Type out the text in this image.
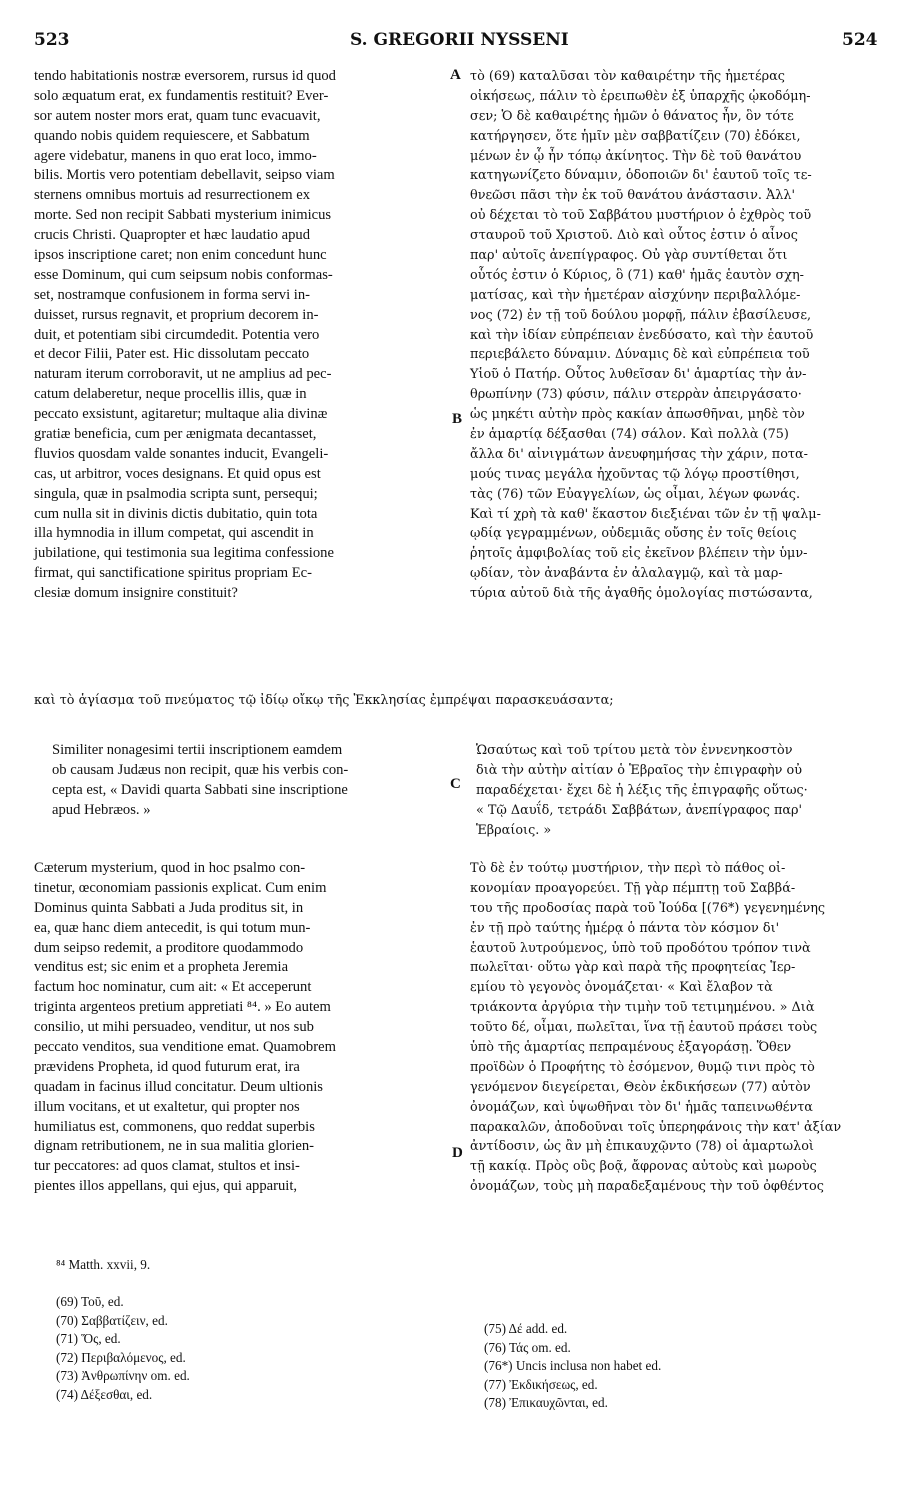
523	S. GREGORII NYSSENI	524
A
B
C
D
tendo habitationis nostræ eversorem, rursus id quod
solo æquatum erat, ex fundamentis restituit? Ever-
sor autem noster mors erat, quam tunc evacuavit,
quando nobis quidem requiescere, et Sabbatum
agere videbatur, manens in quo erat loco, immo-
bilis. Mortis vero potentiam debellavit, seipso viam
sternens omnibus mortuis ad resurrectionem ex
morte. Sed non recipit Sabbati mysterium inimicus
crucis Christi. Quapropter et hæc laudatio apud
ipsos inscriptione caret; non enim concedunt hunc
esse Dominum, qui cum seipsum nobis conformas-
set, nostramque confusionem in forma servi in-
duisset, rursus regnavit, et proprium decorem in-
duit, et potentiam sibi circumdedit. Potentia vero
et decor Filii, Pater est. Hic dissolutam peccato
naturam iterum corroboravit, ut ne amplius ad pec-
catum delaberetur, neque procellis illis, quæ in
peccato exsistunt, agitaretur; multaque alia divinæ
gratiæ beneficia, cum per ænigmata decantasset,
fluvios quosdam valde sonantes inducit, Evangeli-
cas, ut arbitror, voces designans. Et quid opus est
singula, quæ in psalmodia scripta sunt, persequi;
cum nulla sit in divinis dictis dubitatio, quin tota
illa hymnodia in illum competat, qui ascendit in
jubilatione, qui testimonia sua legitima confessione
firmat, qui sanctificatione spiritus propriam Ec-
clesiæ domum insignire constituit?
τὸ (69) καταλῦσαι τὸν καθαιρέτην τῆς ἡμετέρας
οἰκήσεως, πάλιν τὸ ἐρειπωθὲν ἐξ ὑπαρχῆς ᾠκοδόμη-
σεν; Ὁ δὲ καθαιρέτης ἡμῶν ὁ θάνατος ἦν, ὃν τότε
κατήργησεν, ὅτε ἡμῖν μὲν σαββατίζειν (70) ἐδόκει,
μένων ἐν ᾧ ἦν τόπῳ ἀκίνητος. Τὴν δὲ τοῦ θανάτου
κατηγωνίζετο δύναμιν, ὁδοποιῶν δι' ἑαυτοῦ τοῖς τε-
θνεῶσι πᾶσι τὴν ἐκ τοῦ θανάτου ἀνάστασιν. Ἀλλ'
οὐ δέχεται τὸ τοῦ Σαββάτου μυστήριον ὁ ἐχθρὸς τοῦ
σταυροῦ τοῦ Χριστοῦ. Διὸ καὶ οὗτος ἐστιν ὁ αἶνος
παρ' αὐτοῖς ἀνεπίγραφος. Οὐ γὰρ συντίθεται ὅτι
οὗτός ἐστιν ὁ Κύριος, ὃ (71) καθ' ἡμᾶς ἑαυτὸν σχη-
ματίσας, καὶ τὴν ἡμετέραν αἰσχύνην περιβαλλόμε-
νος (72) ἐν τῇ τοῦ δούλου μορφῇ, πάλιν ἐβασίλευσε,
καὶ τὴν ἰδίαν εὐπρέπειαν ἐνεδύσατο, καὶ τὴν ἑαυτοῦ
περιεβάλετο δύναμιν. Δύναμις δὲ καὶ εὐπρέπεια τοῦ
Υἱοῦ ὁ Πατήρ. Οὗτος λυθεῖσαν δι' ἁμαρτίας τὴν ἀν-
θρωπίνην (73) φύσιν, πάλιν στερρὰν ἀπειργάσατο·
ὡς μηκέτι αὐτὴν πρὸς κακίαν ἀπωσθῆναι, μηδὲ τὸν
ἐν ἁμαρτίᾳ δέξασθαι (74) σάλον. Καὶ πολλὰ (75)
ἄλλα δι' αἰνιγμάτων ἀνευφημήσας τὴν χάριν, ποτα-
μούς τινας μεγάλα ἠχοῦντας τῷ λόγῳ προστίθησι,
τὰς (76) τῶν Εὐαγγελίων, ὡς οἶμαι, λέγων φωνάς.
Καὶ τί χρὴ τὰ καθ' ἕκαστον διεξιέναι τῶν ἐν τῇ ψαλμ-
ῳδίᾳ γεγραμμένων, οὐδεμιᾶς οὔσης ἐν τοῖς θείοις
ῥητοῖς ἀμφιβολίας τοῦ εἰς ἐκεῖνον βλέπειν τὴν ὑμν-
ῳδίαν, τὸν ἀναβάντα ἐν ἀλαλαγμῷ, καὶ τὰ μαρ-
τύρια αὐτοῦ διὰ τῆς ἀγαθῆς ὁμολογίας πιστώσαντα,
καὶ τὸ ἁγίασμα τοῦ πνεύματος τῷ ἰδίῳ οἴκῳ τῆς Ἐκκλησίας ἐμπρέψαι παρασκευάσαντα;
Similiter nonagesimi tertii inscriptionem eamdem
ob causam Judæus non recipit, quæ his verbis con-
cepta est, « Davidi quarta Sabbati sine inscriptione
apud Hebræos. »
Ὡσαύτως καὶ τοῦ τρίτου μετὰ τὸν ἐννενηκοστὸν
διὰ τὴν αὐτὴν αἰτίαν ὁ Ἑβραῖος τὴν ἐπιγραφὴν οὐ
παραδέχεται· ἔχει δὲ ἡ λέξις τῆς ἐπιγραφῆς οὕτως·
« Τῷ Δαυΐδ, τετράδι Σαββάτων, ἀνεπίγραφος παρ'
Ἑβραίοις. »
Cæterum mysterium, quod in hoc psalmo con-
tinetur, œconomiam passionis explicat. Cum enim
Dominus quinta Sabbati a Juda proditus sit, in
ea, quæ hanc diem antecedit, is qui totum mun-
dum seipso redemit, a proditore quodammodo
venditus est; sic enim et a propheta Jeremia
factum hoc nominatur, cum ait: « Et acceperunt
triginta argenteos pretium appretiati ⁸⁴. » Eo autem
consilio, ut mihi persuadeo, venditur, ut nos sub
peccato venditos, sua venditione emat. Quamobrem
prævidens Propheta, id quod futurum erat, ira
quadam in facinus illud concitatur. Deum ultionis
illum vocitans, et ut exaltetur, qui propter nos
humiliatus est, commonens, quo reddat superbis
dignam retributionem, ne in sua malitia glorien-
tur peccatores: ad quos clamat, stultos et insi-
pientes illos appellans, qui ejus, qui apparuit,
Τὸ δὲ ἐν τούτῳ μυστήριον, τὴν περὶ τὸ πάθος οἰ-
κονομίαν προαγορεύει. Τῇ γὰρ πέμπτῃ τοῦ Σαββά-
του τῆς προδοσίας παρὰ τοῦ Ἰούδα [(76*) γεγενημένης
ἐν τῇ πρὸ ταύτης ἡμέρᾳ ὁ πάντα τὸν κόσμον δι'
ἑαυτοῦ λυτρούμενος, ὑπὸ τοῦ προδότου τρόπον τινὰ
πωλεῖται· οὕτω γὰρ καὶ παρὰ τῆς προφητείας Ἱερ-
εμίου τὸ γεγονὸς ὀνομάζεται· « Καὶ ἔλαβον τὰ
τριάκοντα ἀργύρια τὴν τιμὴν τοῦ τετιμημένου. » Διὰ
τοῦτο δέ, οἶμαι, πωλεῖται, ἵνα τῇ ἑαυτοῦ πράσει τοὺς
ὑπὸ τῆς ἁμαρτίας πεπραμένους ἐξαγοράσῃ. Ὅθεν
προϊδὼν ὁ Προφήτης τὸ ἐσόμενον, θυμῷ τινι πρὸς τὸ
γενόμενον διεγείρεται, Θεὸν ἐκδικήσεων (77) αὐτὸν
ὀνομάζων, καὶ ὑψωθῆναι τὸν δι' ἡμᾶς ταπεινωθέντα
παρακαλῶν, ἀποδοῦναι τοῖς ὑπερηφάνοις τὴν κατ' ἀξίαν
ἀντίδοσιν, ὡς ἂν μὴ ἐπικαυχῷντο (78) οἱ ἁμαρτωλοὶ
τῇ κακίᾳ. Πρὸς οὓς βοᾷ, ἄφρονας αὐτοὺς καὶ μωροὺς
ὀνομάζων, τοὺς μὴ παραδεξαμένους τὴν τοῦ ὀφθέντος
⁸⁴ Matth. xxvii, 9.
(69) Τοῦ, ed.
(70) Σαββατίζειν, ed.
(71) Ὅς, ed.
(72) Περιβαλόμενος, ed.
(73) Ἀνθρωπίνην om. ed.
(74) Δέξεσθαι, ed.
(75) Δέ add. ed.
(76) Τάς om. ed.
(76*) Uncis inclusa non habet ed.
(77) Ἐκδικήσεως, ed.
(78) Ἐπικαυχῶνται, ed.
